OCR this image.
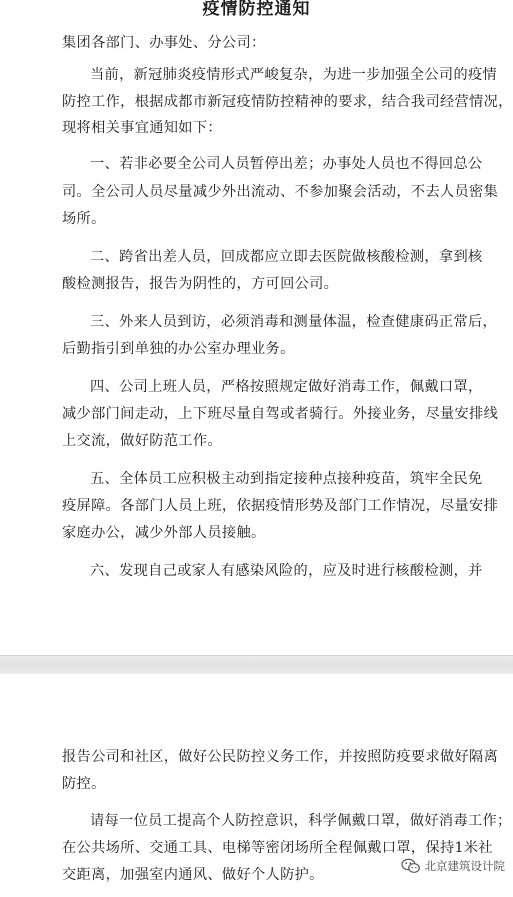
疫情防控通知
集团各部门、办事处、分公司：
当前，新冠肺炎疫情形式严峻复杂，为进一步加强全公司的疫情
防控工作，根据成都市新冠疫情防控精神的要求，结合我司经营情况，
现将相关事宜通知如下：
一、若非必要全公司人员暂停出差；办事处人员也不得回总公
司。全公司人员尽量减少外出流动、不参加聚会活动，不去人员密集
场所。
二、跨省出差人员，回成都应立即去医院做核酸检测，拿到核
酸检测报告，报告为阴性的，方可回公司。
三、外来人员到访，必须消毒和测量体温，检查健康码正常后，
后勤指引到单独的办公室办理业务。
四、公司上班人员，严格按照规定做好消毒工作，佩戴口罩，
减少部门间走动，上下班尽量自驾或者骑行。外接业务，尽量安排线
上交流，做好防范工作。
五、全体员工应积极主动到指定接种点接种疫苗，筑牢全民免
疫屏障。各部门人员上班，依据疫情形势及部门工作情况，尽量安排
家庭办公，减少外部人员接触。
六、发现自己或家人有感染风险的，应及时进行核酸检测，并
报告公司和社区，做好公民防控义务工作，并按照防疫要求做好隔离
防控。
请每一位员工提高个人防控意识，科学佩戴口罩，做好消毒工作；
在公共场所、交通工具、电梯等密闭场所全程佩戴口罩，保持1米社
交距离，加强室内通风、做好个人防护。
北京建筑设计院
